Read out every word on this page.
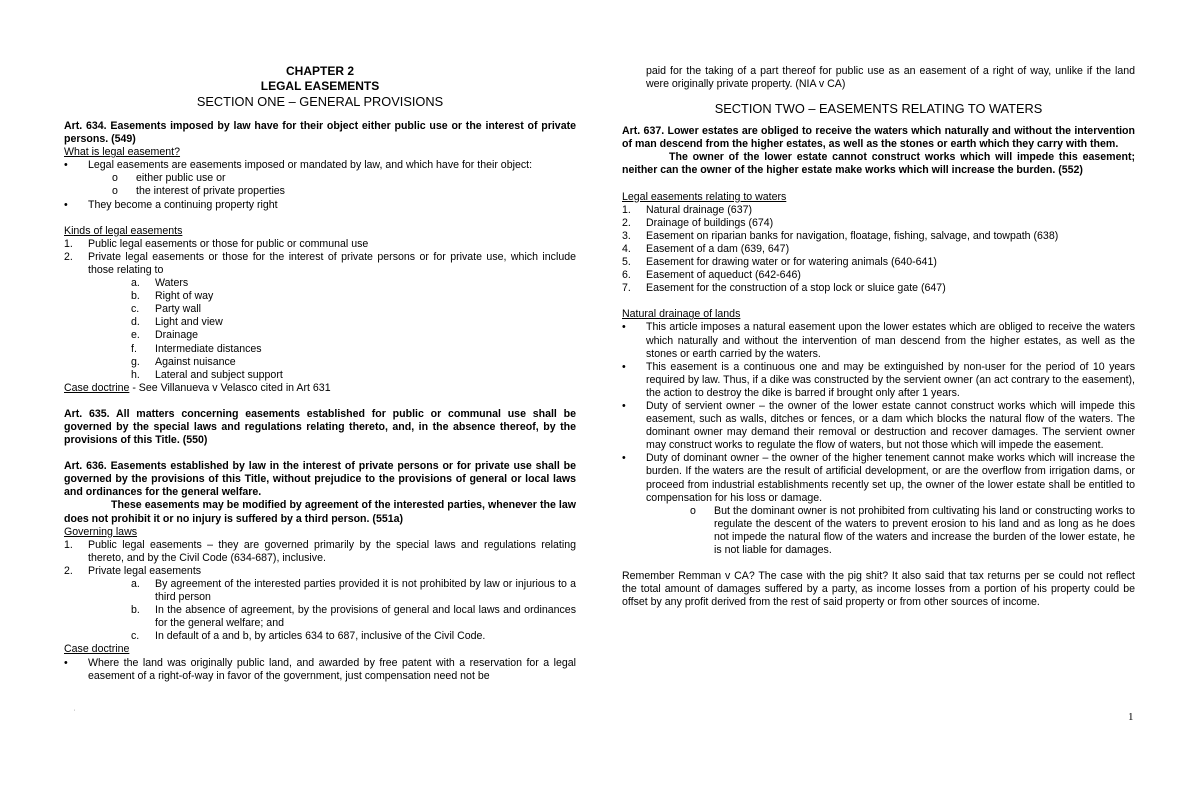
CHAPTER 2
LEGAL EASEMENTS
SECTION ONE – GENERAL PROVISIONS
Art. 634. Easements imposed by law have for their object either public use or the interest of private persons. (549)
What is legal easement?
•	Legal easements are easements imposed or mandated by law, and which have for their object:
o	either public use or
o	the interest of private properties
•	They become a continuing property right
Kinds of legal easements
1.	Public legal easements or those for public or communal use
2.	Private legal easements or those for the interest of private persons or for private use, which include those relating to
a.	Waters
b.	Right of way
c.	Party wall
d.	Light and view
e.	Drainage
f.	Intermediate distances
g.	Against nuisance
h.	Lateral and subject support
Case doctrine - See Villanueva v Velasco cited in Art 631
Art. 635. All matters concerning easements established for public or communal use shall be governed by the special laws and regulations relating thereto, and, in the absence thereof, by the provisions of this Title. (550)
Art. 636. Easements established by law in the interest of private persons or for private use shall be governed by the provisions of this Title, without prejudice to the provisions of general or local laws and ordinances for the general welfare.
These easements may be modified by agreement of the interested parties, whenever the law does not prohibit it or no injury is suffered by a third person. (551a)
Governing laws
1.	Public legal easements – they are governed primarily by the special laws and regulations relating thereto, and by the Civil Code (634-687), inclusive.
2.	Private legal easements
a.	By agreement of the interested parties provided it is not prohibited by law or injurious to a third person
b.	In the absence of agreement, by the provisions of general and local laws and ordinances for the general welfare; and
c.	In default of a and b, by articles 634 to 687, inclusive of the Civil Code.
Case doctrine
•	Where the land was originally public land, and awarded by free patent with a reservation for a legal easement of a right-of-way in favor of the government, just compensation need not be
paid for the taking of a part thereof for public use as an easement of a right of way, unlike if the land were originally private property. (NIA v CA)
SECTION TWO – EASEMENTS RELATING TO WATERS
Art. 637. Lower estates are obliged to receive the waters which naturally and without the intervention of man descend from the higher estates, as well as the stones or earth which they carry with them.
The owner of the lower estate cannot construct works which will impede this easement; neither can the owner of the higher estate make works which will increase the burden. (552)
Legal easements relating to waters
1.	Natural drainage (637)
2.	Drainage of buildings (674)
3.	Easement on riparian banks for navigation, floatage, fishing, salvage, and towpath (638)
4.	Easement of a dam (639, 647)
5.	Easement for drawing water or for watering animals (640-641)
6.	Easement of aqueduct (642-646)
7.	Easement for the construction of a stop lock or sluice gate (647)
Natural drainage of lands
•	This article imposes a natural easement upon the lower estates which are obliged to receive the waters which naturally and without the intervention of man descend from the higher estates, as well as the stones or earth carried by the waters.
•	This easement is a continuous one and may be extinguished by non-user for the period of 10 years required by law. Thus, if a dike was constructed by the servient owner (an act contrary to the easement), the action to destroy the dike is barred if brought only after 1 years.
•	Duty of servient owner – the owner of the lower estate cannot construct works which will impede this easement, such as walls, ditches or fences, or a dam which blocks the natural flow of the waters. The dominant owner may demand their removal or destruction and recover damages. The servient owner may construct works to regulate the flow of waters, but not those which will impede the easement.
•	Duty of dominant owner – the owner of the higher tenement cannot make works which will increase the burden. If the waters are the result of artificial development, or are the overflow from irrigation dams, or proceed from industrial establishments recently set up, the owner of the lower estate shall be entitled to compensation for his loss or damage.
o	But the dominant owner is not prohibited from cultivating his land or constructing works to regulate the descent of the waters to prevent erosion to his land and as long as he does not impede the natural flow of the waters and increase the burden of the lower estate, he is not liable for damages.
Remember Remman v CA? The case with the pig shit? It also said that tax returns per se could not reflect the total amount of damages suffered by a party, as income losses from a portion of his property could be offset by any profit derived from the rest of said property or from other sources of income.
'	1
